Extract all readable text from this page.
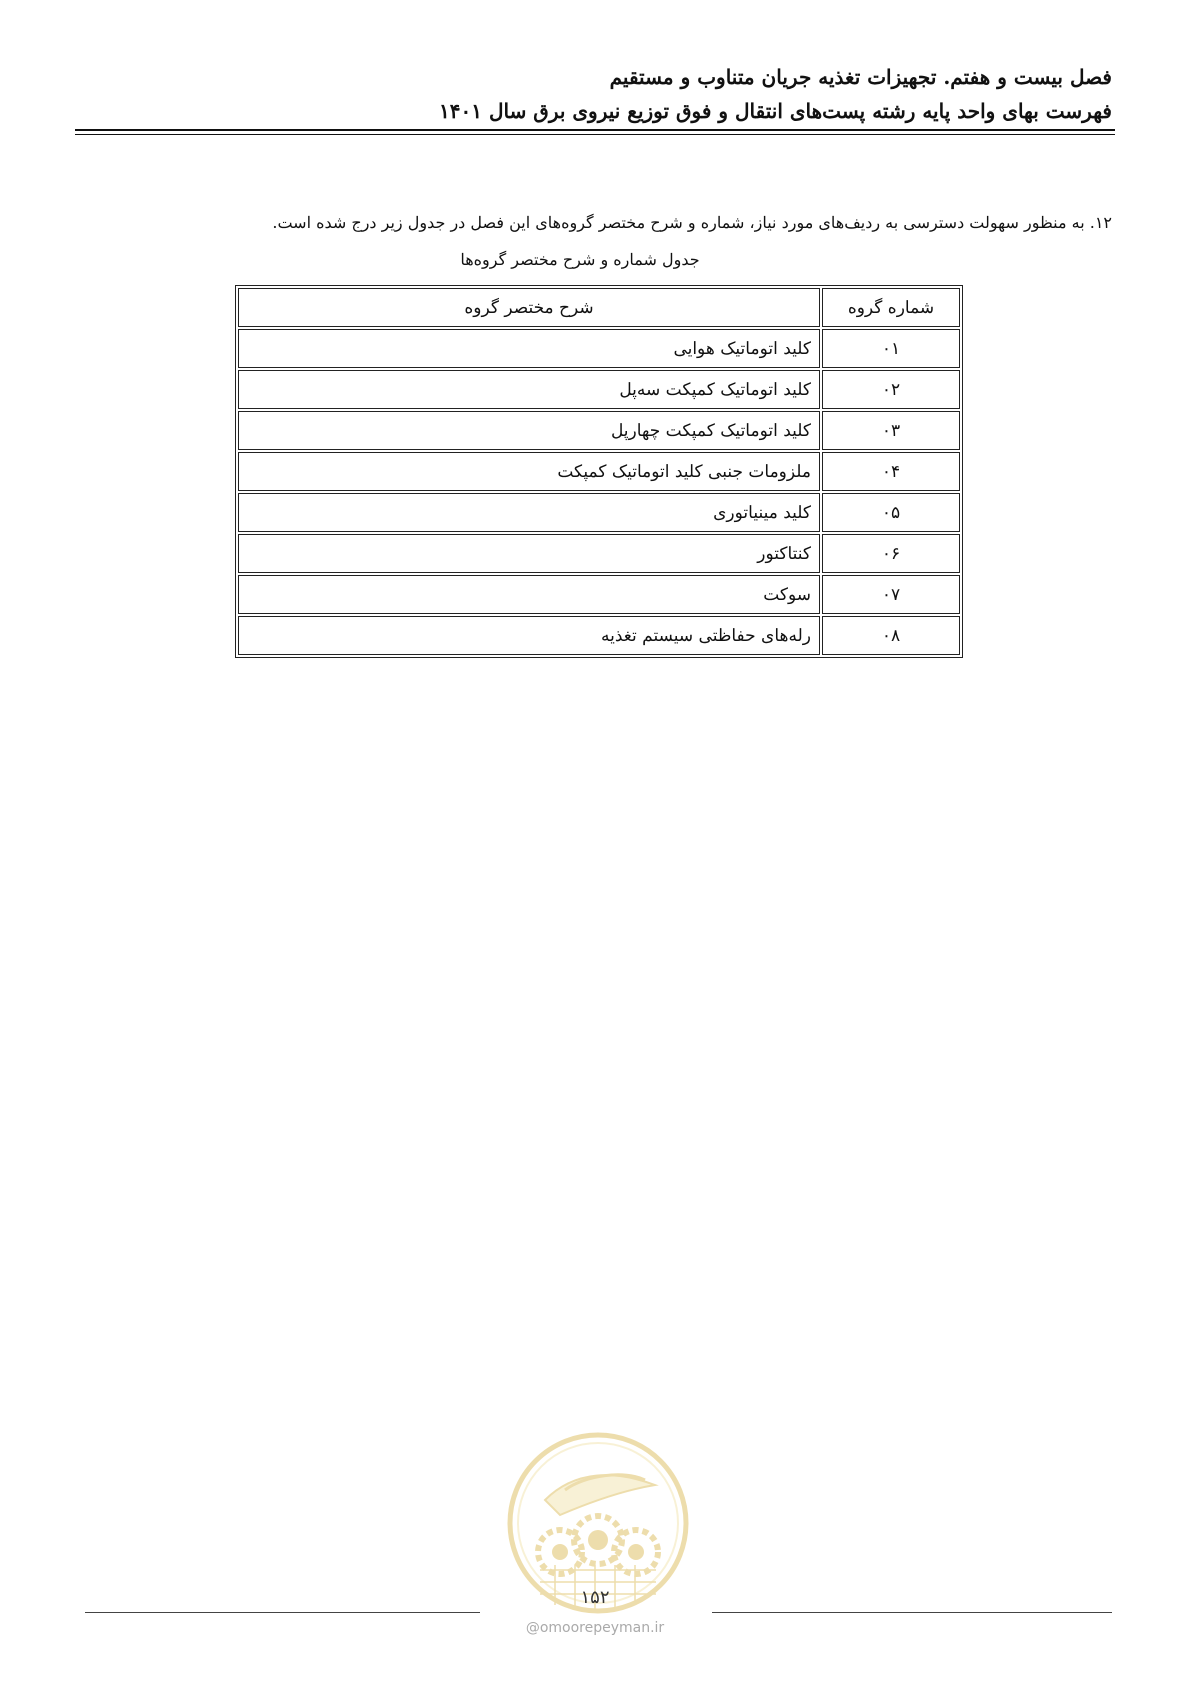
فصل بیست و هفتم. تجهیزات تغذیه جریان متناوب و مستقیم
فهرست بهای واحد پایه رشته پست‌های انتقال و فوق توزیع نیروی برق سال ۱۴۰۱
۱۲. به منظور سهولت دسترسی به ردیف‌های مورد نیاز، شماره و شرح مختصر گروه‌های این فصل در جدول زیر درج شده است.
جدول شماره و شرح مختصر گروه‌ها
شماره گروه	شرح مختصر گروه
۰۱	کلید اتوماتیک هوایی
۰۲	کلید اتوماتیک کمپکت سه‌پل
۰۳	کلید اتوماتیک کمپکت چهارپل
۰۴	ملزومات جنبی کلید اتوماتیک کمپکت
۰۵	کلید مینیاتوری
۰۶	کنتاکتور
۰۷	سوکت
۰۸	رله‌های حفاظتی سیستم تغذیه
۱۵۲
@omoorepeyman.ir
